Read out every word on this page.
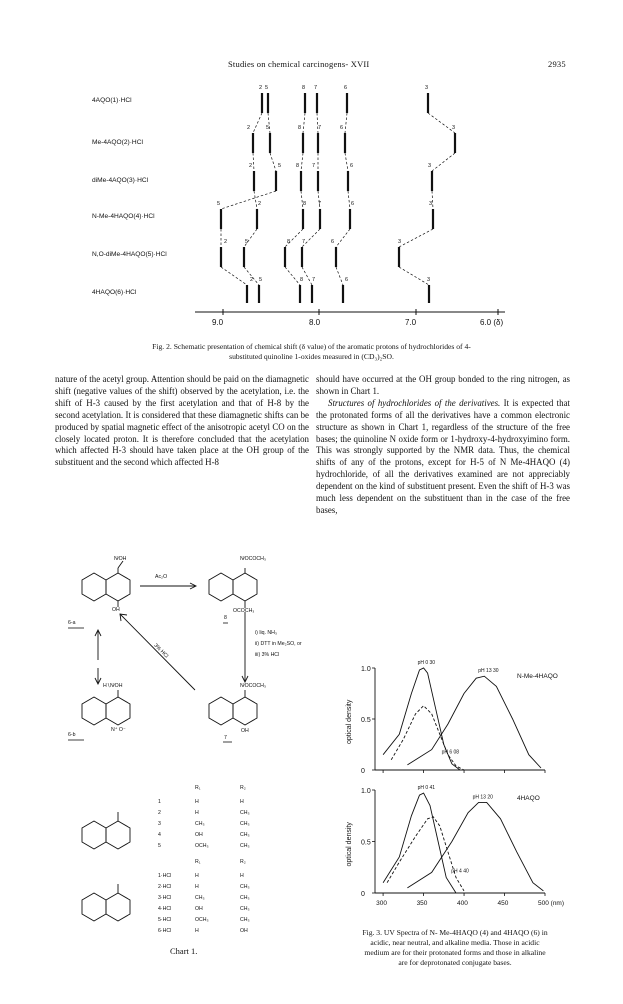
Studies on chemical carcinogens- XVII	2935
4AQO(1)·HCl
Me-4AQO(2)·HCl
diMe-4AQO(3)·HCl
N-Me-4HAQO(4)·HCl
N,O-diMe-4HAQO(5)·HCl
4HAQO(6)·HCl
2 5	8 7	6	3
2	5	8	7	6	3
2	5	8 7	6	3
5	2	8 7	6	3
2	5	8 7	6	3
2 5	8 7	6	3
9.0	8.0	7.0	6.0 (δ)
Fig. 2. Schematic presentation of chemical shift (δ value) of the aromatic protons of hydrochlorides of 4-
substituted quinoline 1-oxides measured in (CD₃)₂SO.

nature of the acetyl group. Attention should be paid on the diamagnetic shift (negative values of the shift) observed by the acetylation, i.e. the shift of H-3 caused by the first acetylation and that of H-8 by the second acetylation. It is considered that these diamagnetic shifts can be produced by spatial magnetic effect of the anisotropic acetyl CO on the closely located proton. It is therefore concluded that the acetylation which affected H-3 should have taken place at the OH group of the substituent and the second which affected H-8

should have occurred at the OH group bonded to the ring nitrogen, as shown in Chart 1.

Structures of hydrochlorides of the derivatives. It is expected that the protonated forms of all the derivatives have a common electronic structure as shown in Chart 1, regardless of the structure of the free bases; the quinoline N oxide form or 1-hydroxy-4-hydroxyimino form. This was strongly supported by the NMR data. Thus, the chemical shifts of any of the protons, except for H-5 of N Me-4HAQO (4) hydrochloride, of all the derivatives examined are not appreciably dependent on the kind of substituent present. Even the shift of H-3 was much less dependent on the substituent than in the case of the free bases,

N∕OH
OH
6-a
Ac₂O
N∕OCOCH₃
OCOCH₃
8
i) liq. NH₃
ii) DTT in Me₂SO, or
iii) 3% HCl
3% HCl
H∖N∕OH
N⁺ O⁻
6-b
N∕OCOCH₃
OH
7
R₁	R₂
1	H	H
2	H	CH₃
3	CH₃	CH₃
4	OH	CH₃
5	OCH₃	CH₃
R₁	R₂
1·HCl	H	H
2·HCl	H	CH₃
3·HCl	CH₃	CH₃
4·HCl	OH	CH₃
5·HCl	OCH₃	CH₃
6·HCl	H	OH
Chart 1.
0
0.5
1.0
optical density
N-Me-4HAQO
pH 0 30
pH 6 08
pH 13 30
0
0.5
1.0
300	350	400	450	500 (nm)
optical density
4HAQO
pH 0 41
pH 4 40
pH 13 20
Fig. 3. UV Spectra of N- Me-4HAQO (4) and 4HAQO (6) in
acidic, near neutral, and alkaline media. Those in acidic
medium are for their protonated forms and those in alkaline
are for deprotonated conjugate bases.
